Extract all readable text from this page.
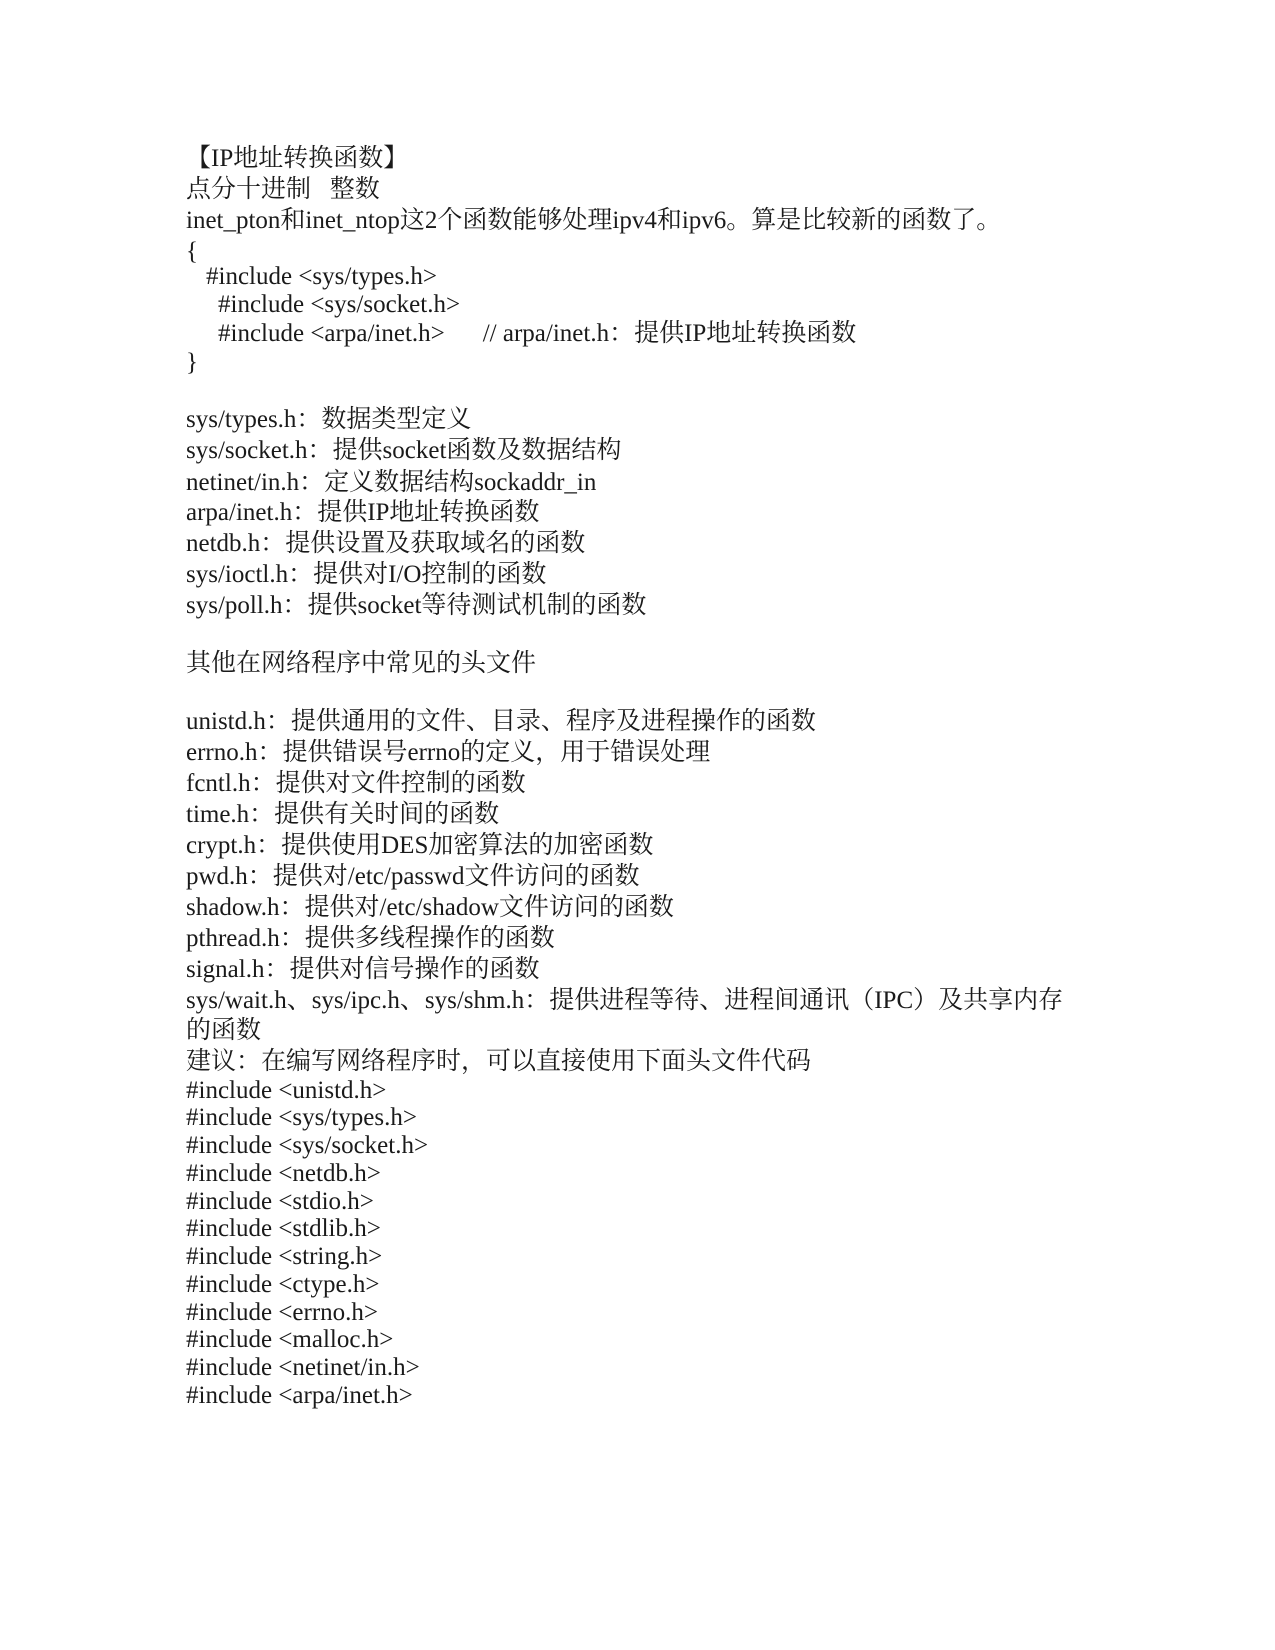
【IP地址转换函数】
点分十进制   整数
inet_pton和inet_ntop这2个函数能够处理ipv4和ipv6。算是比较新的函数了。
{
#include <sys/types.h>
#include <sys/socket.h>
#include <arpa/inet.h> // arpa/inet.h：提供IP地址转换函数
}
sys/types.h：数据类型定义
sys/socket.h：提供socket函数及数据结构
netinet/in.h：定义数据结构sockaddr_in
arpa/inet.h：提供IP地址转换函数
netdb.h：提供设置及获取域名的函数
sys/ioctl.h：提供对I/O控制的函数
sys/poll.h：提供socket等待测试机制的函数
其他在网络程序中常见的头文件
unistd.h：提供通用的文件、目录、程序及进程操作的函数
errno.h：提供错误号errno的定义，用于错误处理
fcntl.h：提供对文件控制的函数
time.h：提供有关时间的函数
crypt.h：提供使用DES加密算法的加密函数
pwd.h：提供对/etc/passwd文件访问的函数
shadow.h：提供对/etc/shadow文件访问的函数
pthread.h：提供多线程操作的函数
signal.h：提供对信号操作的函数
sys/wait.h、sys/ipc.h、sys/shm.h：提供进程等待、进程间通讯（IPC）及共享内存
的函数
建议：在编写网络程序时，可以直接使用下面头文件代码
#include <unistd.h>
#include <sys/types.h>
#include <sys/socket.h>
#include <netdb.h>
#include <stdio.h>
#include <stdlib.h>
#include <string.h>
#include <ctype.h>
#include <errno.h>
#include <malloc.h>
#include <netinet/in.h>
#include <arpa/inet.h>
